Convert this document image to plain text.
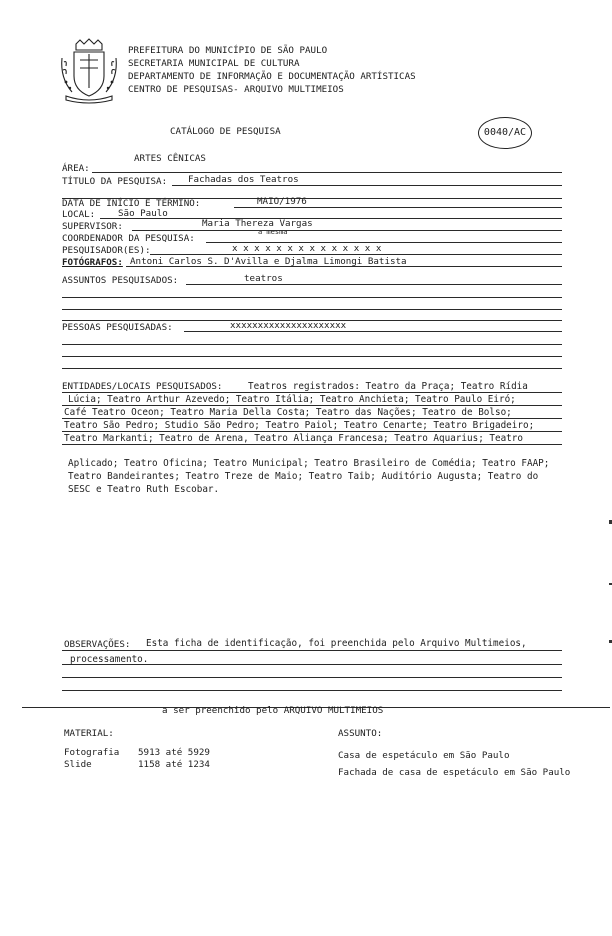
PREFEITURA DO MUNICÍPIO DE SÃO PAULO
SECRETARIA MUNICIPAL DE CULTURA
DEPARTAMENTO DE INFORMAÇÃO E DOCUMENTAÇÃO ARTÍSTICAS
CENTRO DE PESQUISAS- ARQUIVO MULTIMEIOS
CATÁLOGO DE PESQUISA	0040/AC
ARTES CÊNICAS
ÁREA:
TÍTULO DA PESQUISA: Fachadas dos Teatros
DATA DE INÍCIO E TÉRMINO:	MAIO/1976
LOCAL: São Paulo
SUPERVISOR:	Maria Thereza Vargas
a mesma
COORDENADOR DA PESQUISA:
PESQUISADOR(ES):	x x x x x x x x x x x x x x
FOTÓGRAFOS: Antoni Carlos S. D'Avilla e Djalma Limongi Batista
ASSUNTOS PESQUISADOS:	teatros
PESSOAS PESQUISADAS:	xxxxxxxxxxxxxxxxxxxxx
ENTIDADES/LOCAIS PESQUISADOS:	Teatros registrados: Teatro da Praça; Teatro Rídia
Lúcia; Teatro Arthur Azevedo; Teatro Itália; Teatro Anchieta; Teatro Paulo Eiró;
Café Teatro Oceon; Teatro Maria Della Costa; Teatro das Nações; Teatro de Bolso;
Teatro São Pedro; Studio São Pedro; Teatro Paiol; Teatro Cenarte; Teatro Brigadeiro;
Teatro Markanti; Teatro de Arena, Teatro Aliança Francesa; Teatro Aquarius; Teatro
Aplicado; Teatro Oficina; Teatro Municipal; Teatro Brasileiro de Comédia; Teatro FAAP;
Teatro Bandeirantes; Teatro Treze de Maio; Teatro Taib; Auditório Augusta; Teatro do
SESC e Teatro Ruth Escobar.
OBSERVAÇÕES: Esta ficha de identificação, foi preenchida pelo Arquivo Multimeios,
processamento.
a ser preenchido pelo ARQUIVO MULTIMEIOS
MATERIAL:
Fotografia 5913 até 5929
Slide	1158 até 1234
ASSUNTO:
Casa de espetáculo em São Paulo
Fachada de casa de espetáculo em São Paulo
